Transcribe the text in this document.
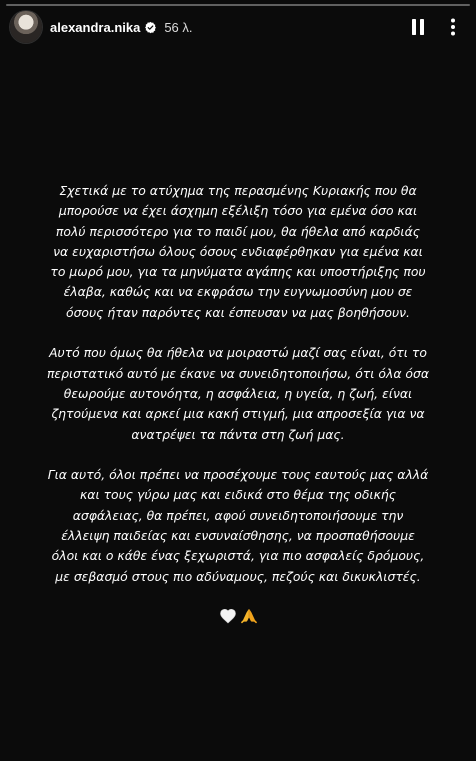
alexandra.nika 56 λ.

Σχετικά με το ατύχημα της περασμένης Κυριακής που θα
μπορούσε να έχει άσχημη εξέλιξη τόσο για εμένα όσο και
πολύ περισσότερο για το παιδί μου, θα ήθελα από καρδιάς
να ευχαριστήσω όλους όσους ενδιαφέρθηκαν για εμένα και
το μωρό μου, για τα μηνύματα αγάπης και υποστήριξης που
έλαβα, καθώς και να εκφράσω την ευγνωμοσύνη μου σε
όσους ήταν παρόντες και έσπευσαν να μας βοηθήσουν.

Αυτό που όμως θα ήθελα να μοιραστώ μαζί σας είναι, ότι το
περιστατικό αυτό με έκανε να συνειδητοποιήσω, ότι όλα όσα
θεωρούμε αυτονόητα, η ασφάλεια, η υγεία, η ζωή, είναι
ζητούμενα και αρκεί μια κακή στιγμή, μια απροσεξία για να
ανατρέψει τα πάντα στη ζωή μας.

Για αυτό, όλοι πρέπει να προσέχουμε τους εαυτούς μας αλλά
και τους γύρω μας και ειδικά στο θέμα της οδικής
ασφάλειας, θα πρέπει, αφού συνειδητοποιήσουμε την
έλλειψη παιδείας και ενσυναίσθησης, να προσπαθήσουμε
όλοι και ο κάθε ένας ξεχωριστά, για πιο ασφαλείς δρόμους,
με σεβασμό στους πιο αδύναμους, πεζούς και δικυκλιστές.
